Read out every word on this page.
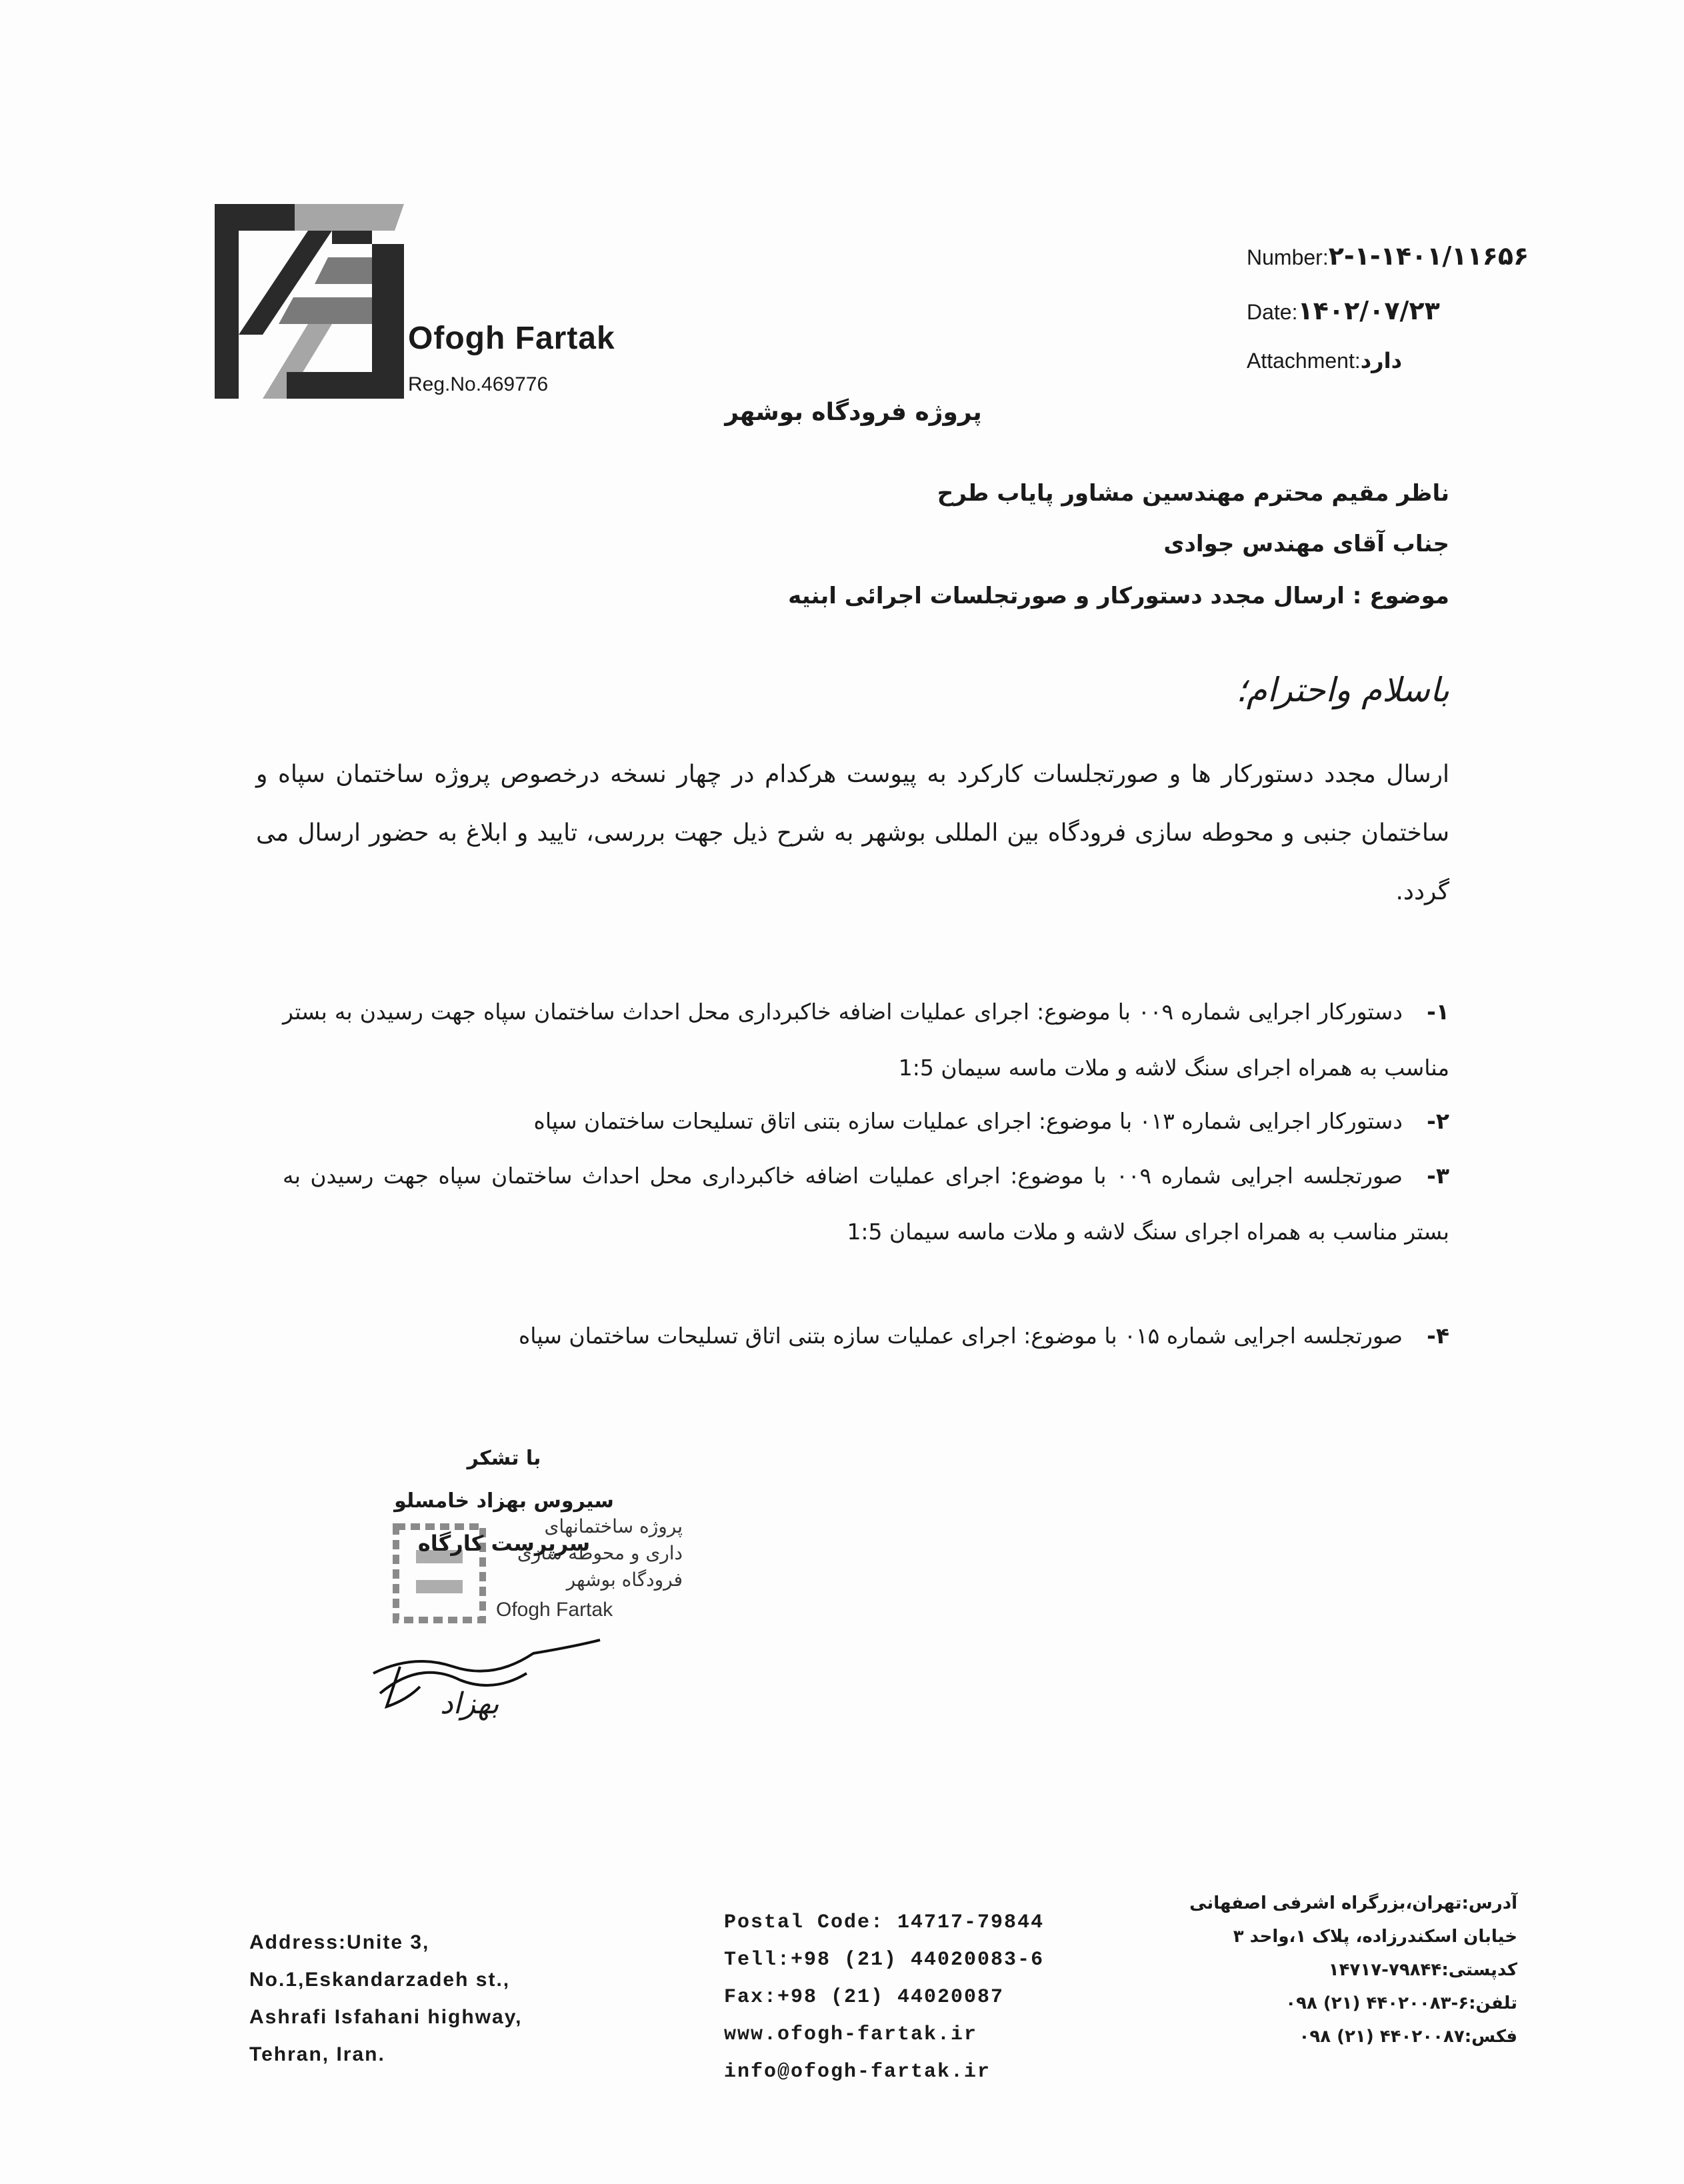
Ofogh Fartak
Reg.No.469776
Number:۲-۱-۱۴۰۱/۱۱۶۵۶
Date:۱۴۰۲/۰۷/۲۳
Attachment:دارد
پروژه فرودگاه بوشهر
ناظر مقیم محترم مهندسین مشاور پایاب طرح
جناب آقای مهندس جوادی
موضوع : ارسال مجدد دستورکار و صورتجلسات اجرائی ابنیه
باسلام واحترام؛
ارسال مجدد دستورکار ها و صورتجلسات کارکرد به پیوست هرکدام در چهار نسخه درخصوص پروژه ساختمان سپاه و ساختمان جنبی و محوطه سازی فرودگاه بین المللی بوشهر به شرح ذیل جهت بررسی، تایید و ابلاغ به حضور ارسال می گردد.
۱-دستورکار اجرایی شماره ۰۰۹ با موضوع: اجرای عملیات اضافه خاکبرداری محل احداث ساختمان سپاه جهت رسیدن به بستر مناسب به همراه اجرای سنگ لاشه و ملات ماسه سیمان 1:5
۲-دستورکار اجرایی شماره ۰۱۳ با موضوع: اجرای عملیات سازه بتنی اتاق تسلیحات ساختمان سپاه
۳-صورتجلسه اجرایی شماره ۰۰۹ با موضوع: اجرای عملیات اضافه خاکبرداری محل احداث ساختمان سپاه جهت رسیدن به بستر مناسب به همراه اجرای سنگ لاشه و ملات ماسه سیمان 1:5
۴-صورتجلسه اجرایی شماره ۰۱۵ با موضوع: اجرای عملیات سازه بتنی اتاق تسلیحات ساختمان سپاه
با تشکر
سیروس بهزاد خامسلو
پروژه ساختمانهای
داری و محوطه سازی
فرودگاه بوشهر
Ofogh Fartak
سرپرست کارگاه
بهزاد
Address:Unite 3,
No.1,Eskandarzadeh st.,
Ashrafi Isfahani highway,
Tehran, Iran.
Postal Code: 14717-79844
Tell:+98 (21) 44020083-6
Fax:+98 (21) 44020087
www.ofogh-fartak.ir
info@ofogh-fartak.ir
آدرس:تهران،بزرگراه اشرفی اصفهانی
خیابان اسکندرزاده، پلاک ۱،واحد ۳
کدپستی:۷۹۸۴۴-۱۴۷۱۷
تلفن:۶-۴۴۰۲۰۰۸۳ (۲۱) ۰۹۸
فکس:۴۴۰۲۰۰۸۷ (۲۱) ۰۹۸
